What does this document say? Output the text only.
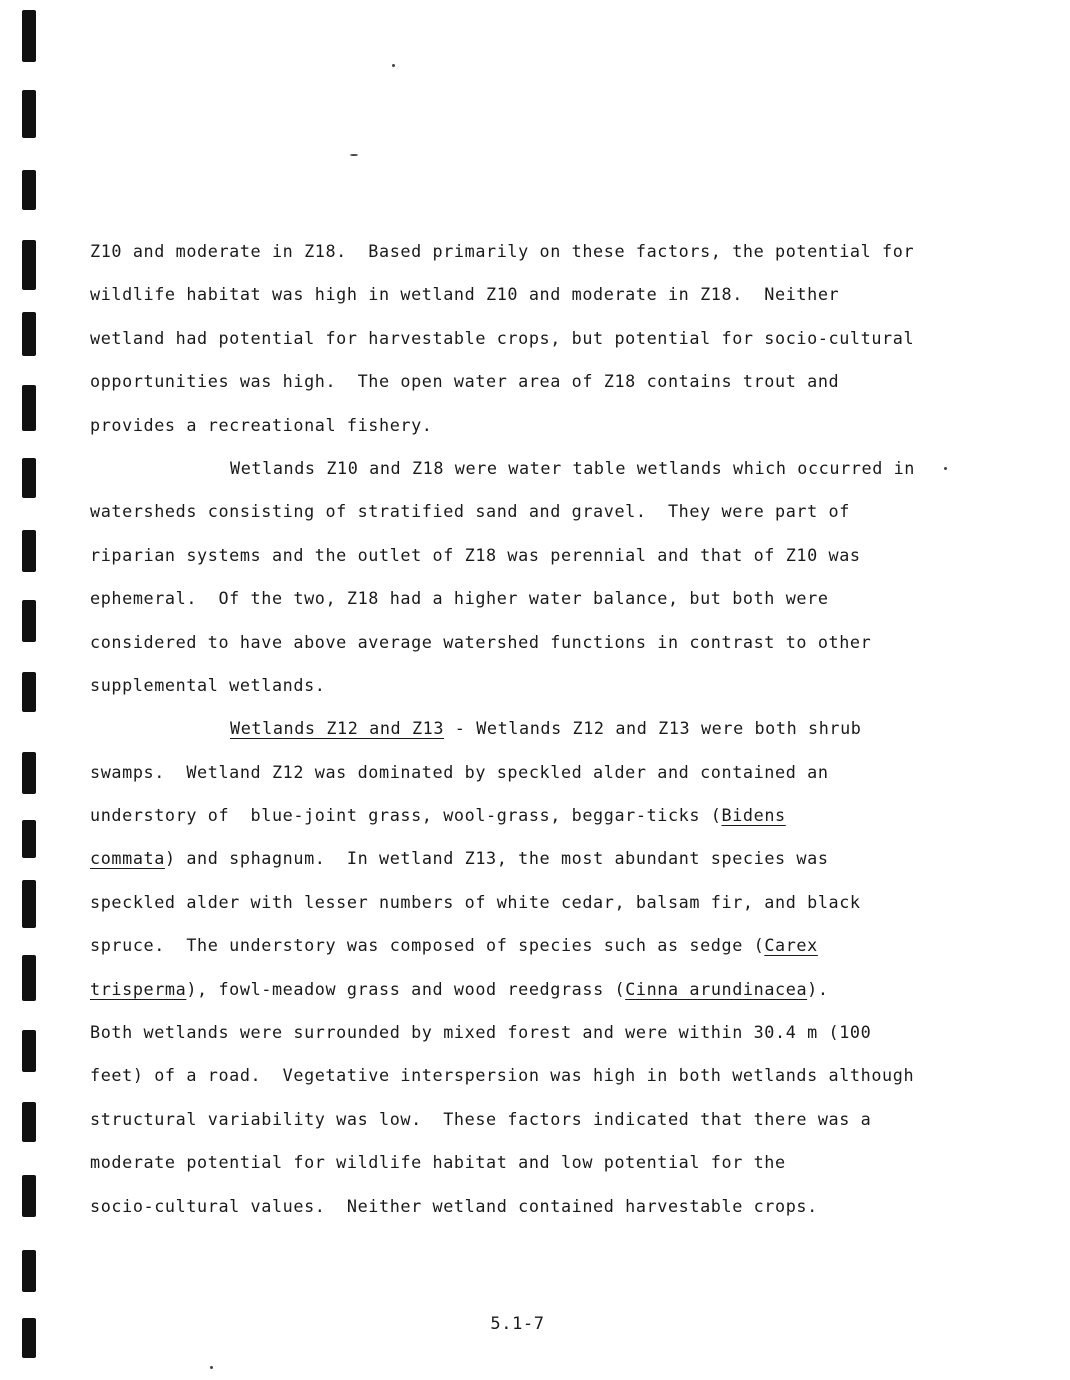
Z10 and moderate in Z18.  Based primarily on these factors, the potential for
wildlife habitat was high in wetland Z10 and moderate in Z18.  Neither
wetland had potential for harvestable crops, but potential for socio-cultural
opportunities was high.  The open water area of Z18 contains trout and
provides a recreational fishery.
Wetlands Z10 and Z18 were water table wetlands which occurred in
watersheds consisting of stratified sand and gravel.  They were part of
riparian systems and the outlet of Z18 was perennial and that of Z10 was
ephemeral.  Of the two, Z18 had a higher water balance, but both were
considered to have above average watershed functions in contrast to other
supplemental wetlands.
Wetlands Z12 and Z13 - Wetlands Z12 and Z13 were both shrub
swamps.  Wetland Z12 was dominated by speckled alder and contained an
understory of  blue-joint grass, wool-grass, beggar-ticks (Bidens
commata) and sphagnum.  In wetland Z13, the most abundant species was
speckled alder with lesser numbers of white cedar, balsam fir, and black
spruce.  The understory was composed of species such as sedge (Carex
trisperma), fowl-meadow grass and wood reedgrass (Cinna arundinacea).
Both wetlands were surrounded by mixed forest and were within 30.4 m (100
feet) of a road.  Vegetative interspersion was high in both wetlands although
structural variability was low.  These factors indicated that there was a
moderate potential for wildlife habitat and low potential for the
socio-cultural values.  Neither wetland contained harvestable crops.
5.1-7
